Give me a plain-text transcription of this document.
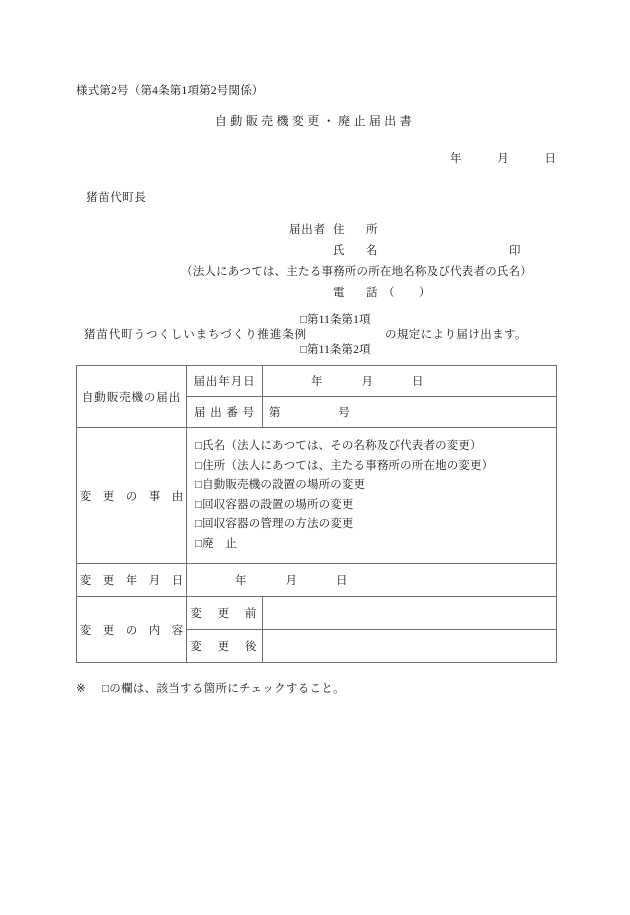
様式第2号（第4条第1項第2号関係）
自動販売機変更・廃止届出書
年	月	日
猪苗代町長
届出者 住　所
氏　名	印
（法人にあつては、主たる事務所の所在地名称及び代表者の氏名）
電　話 （　　）
猪苗代町うつくしいまちづくり推進条例
□第11条第1項
□第11条第2項
の規定により届け出ます。
自動販売機の届出	届出年月日	年 月 日
	届 出 番 号	第 号
変　更　の　事　由	
□氏名（法人にあつては、その名称及び代表者の変更）
□住所（法人にあつては、主たる事務所の所在地の変更）
□自動販売機の設置の場所の変更
□回収容器の設置の場所の変更
□回収容器の管理の方法の変更
□廃　止

変　更　年　月　日	年 月 日	
変　更　の　内　容	変　更　前	
	変　更　後	
※ □の欄は、該当する箇所にチェックすること。
